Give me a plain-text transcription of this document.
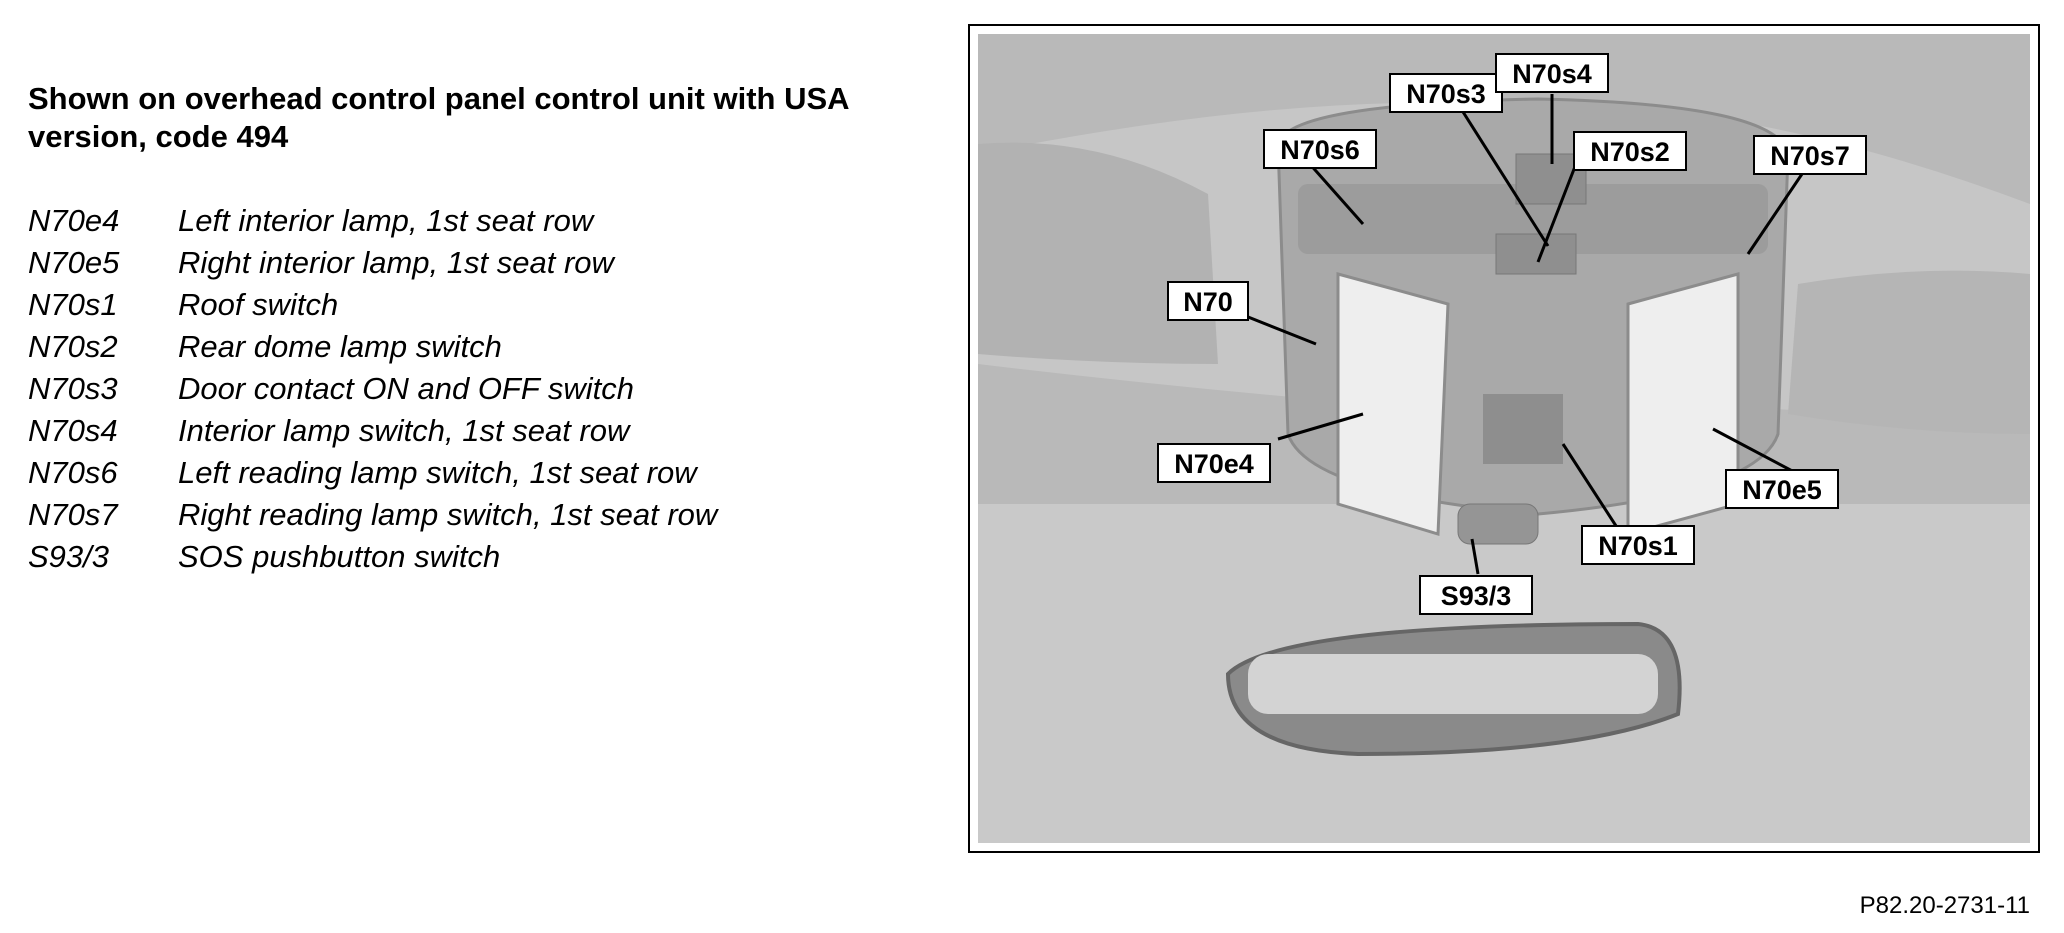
Shown on overhead control panel control unit with USA version, code 494
N70e4	Left interior lamp, 1st seat row
N70e5	Right interior lamp, 1st seat row
N70s1	Roof switch
N70s2	Rear dome lamp switch
N70s3	Door contact ON and OFF switch
N70s4	Interior lamp switch, 1st seat row
N70s6	Left reading lamp switch, 1st seat row
N70s7	Right reading lamp switch, 1st seat row
S93/3	SOS pushbutton switch
N70s3
N70s4
N70s6	N70s2	N70s7
N70
N70e4
N70e5
N70s1
S93/3
P82.20-2731-11
